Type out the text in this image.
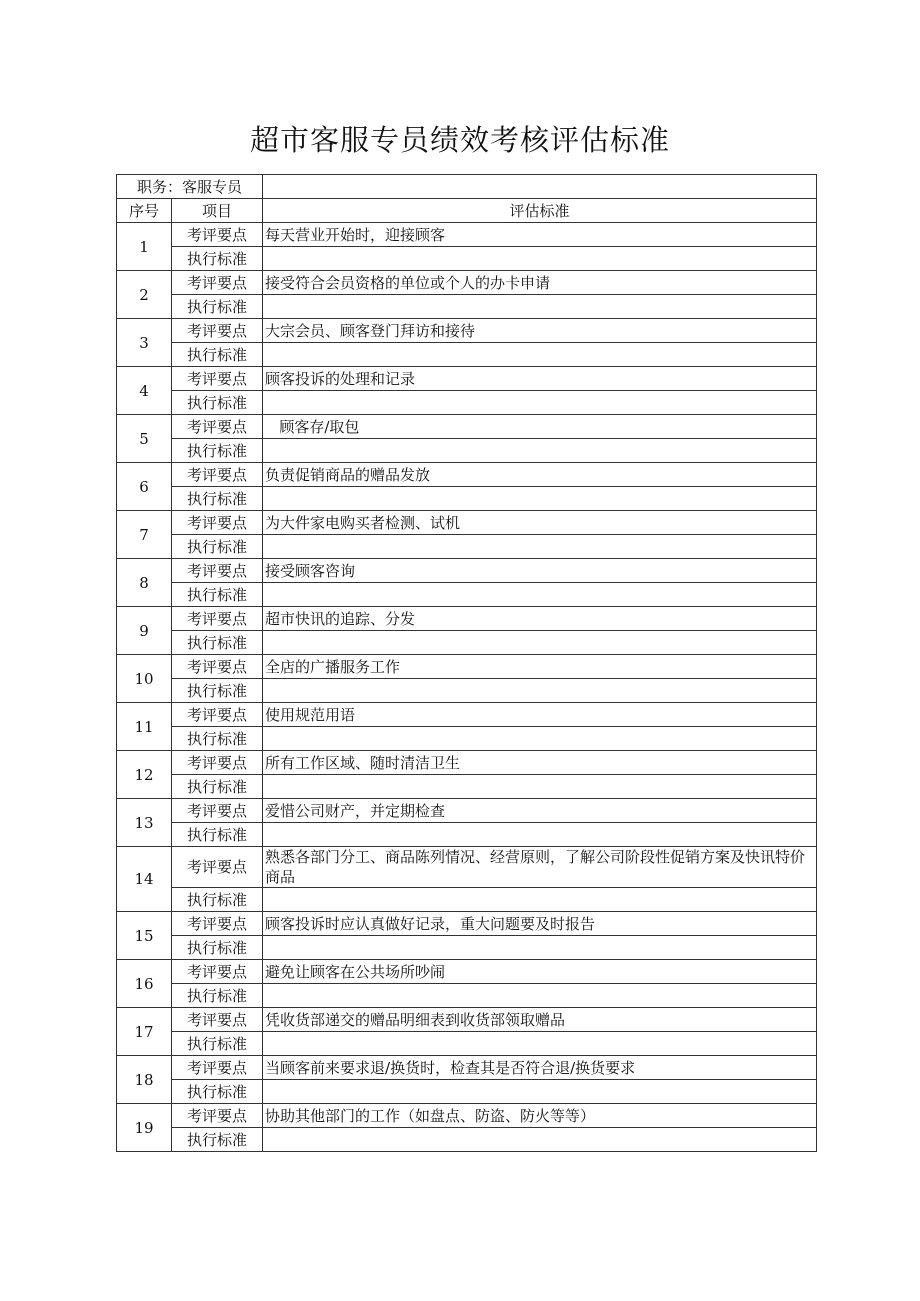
超市客服专员绩效考核评估标准
职务：客服专员		
序号	项目	评估标准
1	考评要点	每天营业开始时，迎接顾客
	执行标准	
2	考评要点	接受符合会员资格的单位或个人的办卡申请
	执行标准	
3	考评要点	大宗会员、顾客登门拜访和接待
	执行标准	
4	考评要点	顾客投诉的处理和记录
	执行标准	
5	考评要点	顾客存/取包
	执行标准	
6	考评要点	负责促销商品的赠品发放
	执行标准	
7	考评要点	为大件家电购买者检测、试机
	执行标准	
8	考评要点	接受顾客咨询
	执行标准	
9	考评要点	超市快讯的追踪、分发
	执行标准	
10	考评要点	全店的广播服务工作
	执行标准	
11	考评要点	使用规范用语
	执行标准	
12	考评要点	所有工作区域、随时清洁卫生
	执行标准	
13	考评要点	爱惜公司财产，并定期检查
	执行标准	
14	考评要点	熟悉各部门分工、商品陈列情况、经营原则，了解公司阶段性促销方案及快讯特价商品
	执行标准	
15	考评要点	顾客投诉时应认真做好记录，重大问题要及时报告
	执行标准	
16	考评要点	避免让顾客在公共场所吵闹
	执行标准	
17	考评要点	凭收货部递交的赠品明细表到收货部领取赠品
	执行标准	
18	考评要点	当顾客前来要求退/换货时，检查其是否符合退/换货要求
	执行标准	
19	考评要点	协助其他部门的工作（如盘点、防盗、防火等等）
	执行标准	
